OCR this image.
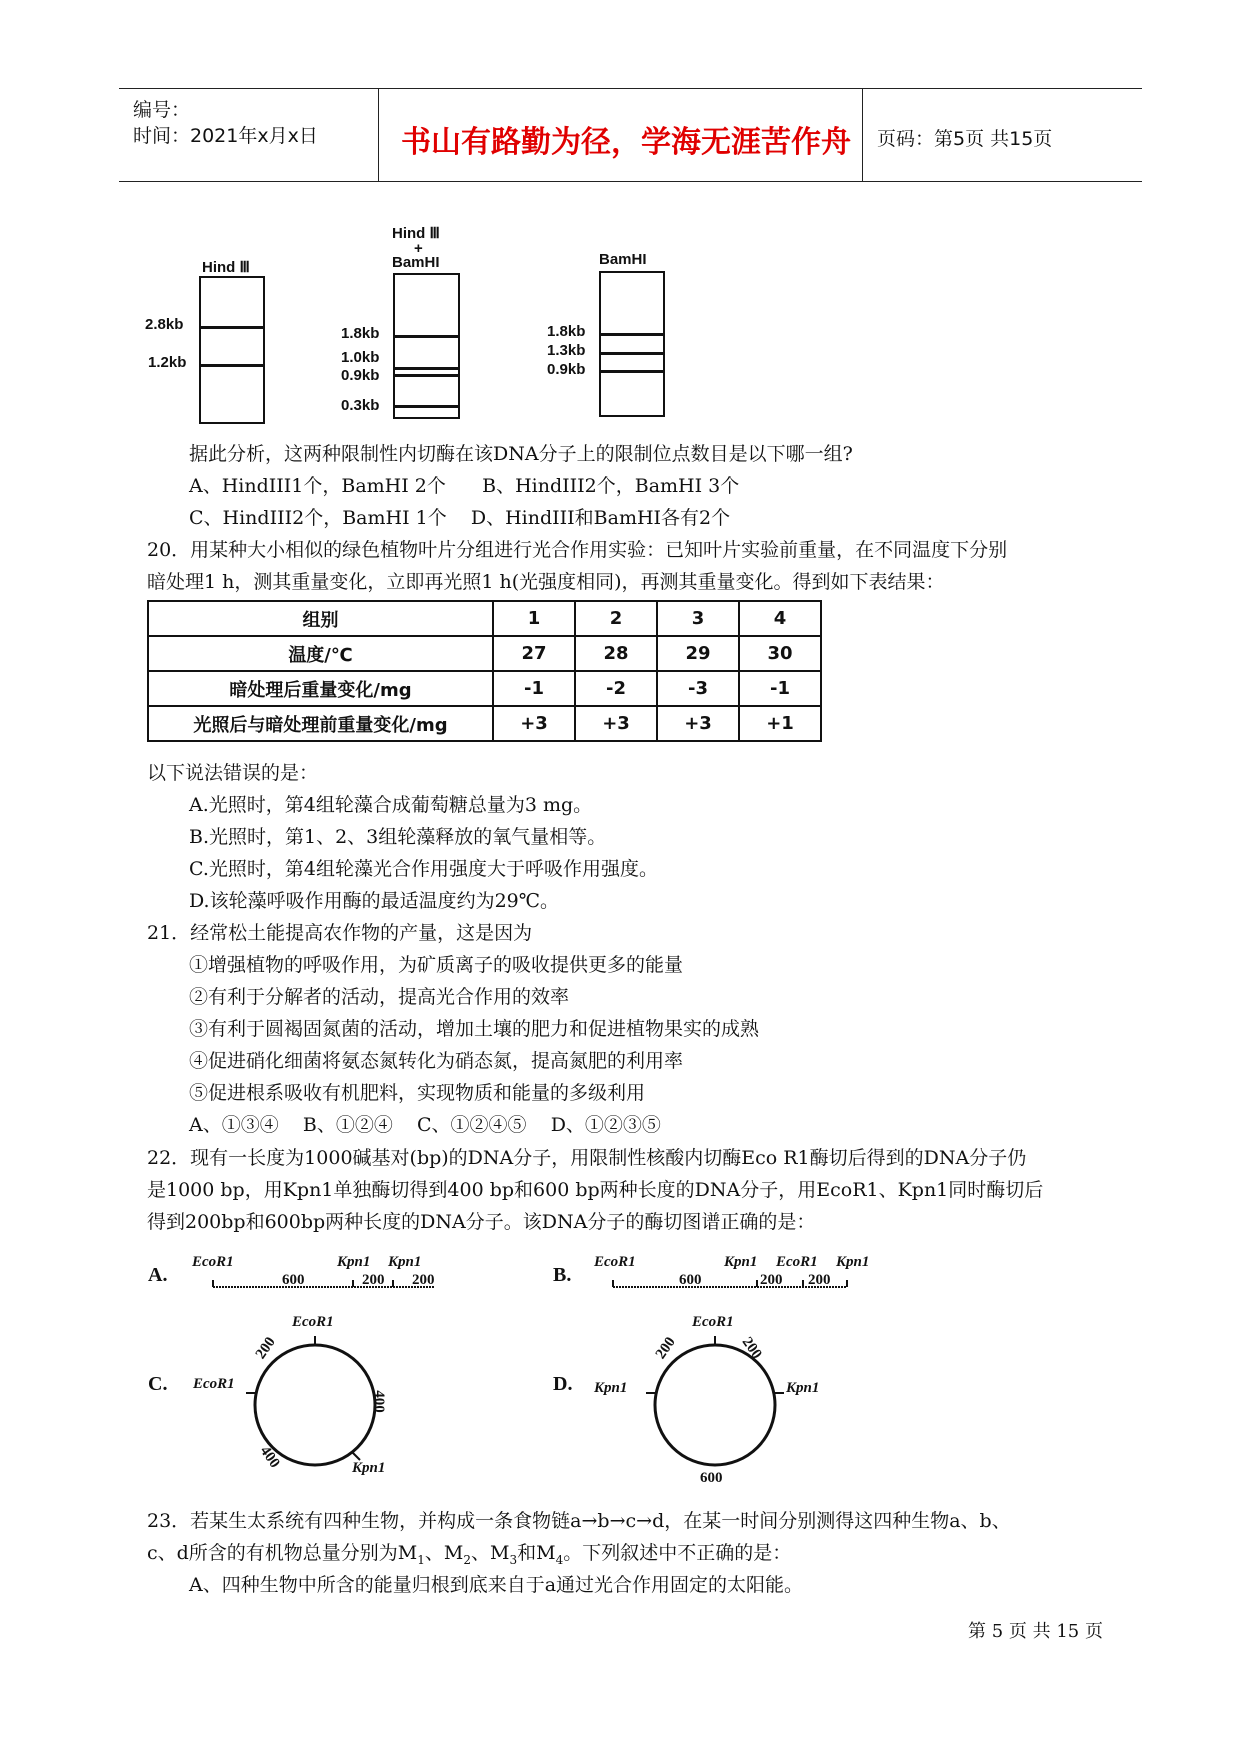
编号：
时间：2021年x月x日	书山有路勤为径，学海无涯苦作舟 页码：第5页 共15页
Hind Ⅲ
2.8kb
1.2kb
Hind Ⅲ
+
BamHI
1.8kb
1.0kb
0.9kb
0.3kb
BamHI
1.8kb
1.3kb
0.9kb
据此分析，这两种限制性内切酶在该DNA分子上的限制位点数目是以下哪一组?
A、HindIII1个，BamHI 2个      B、HindIII2个，BamHI 3个
C、HindIII2个，BamHI 1个    D、HindIII和BamHI各有2个
20．用某种大小相似的绿色植物叶片分组进行光合作用实验：已知叶片实验前重量，在不同温度下分别
暗处理1 h，测其重量变化，立即再光照1 h(光强度相同)，再测其重量变化。得到如下表结果：
组别	1	2	3	4
温度/℃	27	28	29	30
暗处理后重量变化/mg	-1	-2	-3	-1
光照后与暗处理前重量变化/mg	+3	+3	+3	+1
以下说法错误的是：
A.光照时，第4组轮藻合成葡萄糖总量为3 mg。
B.光照时，第1、2、3组轮藻释放的氧气量相等。
C.光照时，第4组轮藻光合作用强度大于呼吸作用强度。
D.该轮藻呼吸作用酶的最适温度约为29℃。
21．经常松土能提高农作物的产量，这是因为
①增强植物的呼吸作用，为矿质离子的吸收提供更多的能量
②有利于分解者的活动，提高光合作用的效率
③有利于圆褐固氮菌的活动，增加土壤的肥力和促进植物果实的成熟
④促进硝化细菌将氨态氮转化为硝态氮，提高氮肥的利用率
⑤促进根系吸收有机肥料，实现物质和能量的多级利用
A、①③④    B、①②④    C、①②④⑤    D、①②③⑤
22．现有一长度为1000碱基对(bp)的DNA分子，用限制性核酸内切酶Eco R1酶切后得到的DNA分子仍
是1000 bp，用Kpn1单独酶切得到400 bp和600 bp两种长度的DNA分子，用EcoR1、Kpn1同时酶切后
得到200bp和600bp两种长度的DNA分子。该DNA分子的酶切图谱正确的是：
A.
EcoR1	Kpn1 Kpn1
600	200 200	B.
EcoR1	Kpn1 EcoR1 Kpn1
600	200 200
C.
EcoR1
EcoR1
Kpn1
200
400
400
D.
EcoR1
Kpn1	Kpn1
200	200
600
23．若某生太系统有四种生物，并构成一条食物链a→b→c→d，在某一时间分别测得这四种生物a、b、
c、d所含的有机物总量分别为$M_1$、$M_2$、$M_3$和$M_4$。下列叙述中不正确的是：
A、四种生物中所含的能量归根到底来自于a通过光合作用固定的太阳能。
第 5 页 共 15 页
